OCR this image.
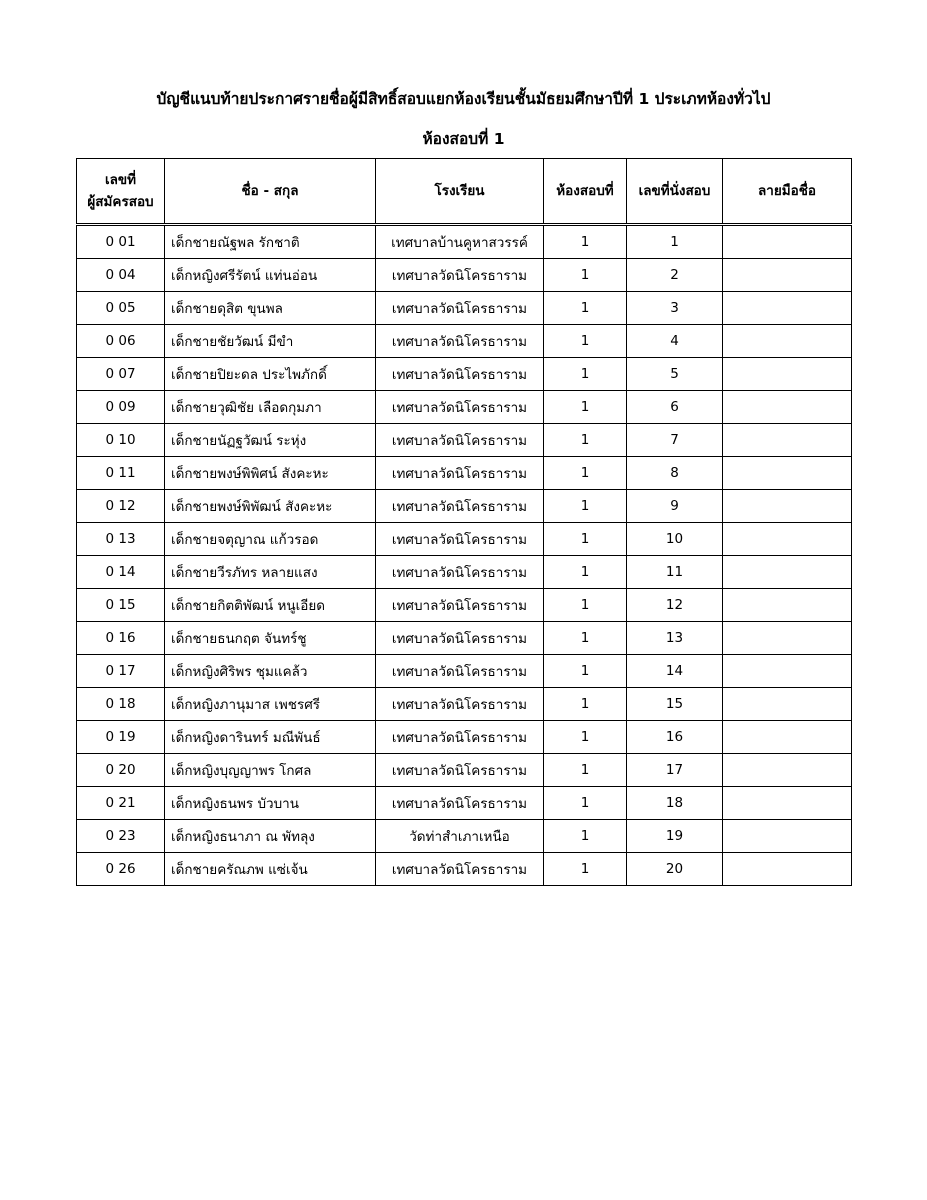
บัญชีแนบท้ายประกาศรายชื่อผู้มีสิทธิ์สอบแยกห้องเรียนชั้นมัธยมศึกษาปีที่ 1 ประเภทห้องทั่วไป
ห้องสอบที่ 1
เลขที่
ผู้สมัครสอบ	ชื่อ - สกุล	โรงเรียน	ห้องสอบที่	เลขที่นั่งสอบ	ลายมือชื่อ
0 01	เด็กชายณัฐพล รักชาติ	เทศบาลบ้านคูหาสวรรค์	1	1	
0 04	เด็กหญิงศรีรัตน์ แท่นอ่อน	เทศบาลวัดนิโครธาราม	1	2	
0 05	เด็กชายดุสิต ขุนพล	เทศบาลวัดนิโครธาราม	1	3	
0 06	เด็กชายชัยวัฒน์ มีขำ	เทศบาลวัดนิโครธาราม	1	4	
0 07	เด็กชายปิยะดล ประไพภักดิ์	เทศบาลวัดนิโครธาราม	1	5	
0 09	เด็กชายวุฒิชัย เลือดกุมภา	เทศบาลวัดนิโครธาราม	1	6	
0 10	เด็กชายนัฏฐวัฒน์ ระหุ่ง	เทศบาลวัดนิโครธาราม	1	7	
0 11	เด็กชายพงษ์พิพิศน์ สังคะหะ	เทศบาลวัดนิโครธาราม	1	8	
0 12	เด็กชายพงษ์พิพัฒน์ สังคะหะ	เทศบาลวัดนิโครธาราม	1	9	
0 13	เด็กชายจตุญาณ แก้วรอด	เทศบาลวัดนิโครธาราม	1	10	
0 14	เด็กชายวีรภัทร หลายแสง	เทศบาลวัดนิโครธาราม	1	11	
0 15	เด็กชายกิตติพัฒน์ หนูเอียด	เทศบาลวัดนิโครธาราม	1	12	
0 16	เด็กชายธนกฤต จันทร์ชู	เทศบาลวัดนิโครธาราม	1	13	
0 17	เด็กหญิงศิริพร ชุมแคล้ว	เทศบาลวัดนิโครธาราม	1	14	
0 18	เด็กหญิงภานุมาส เพชรศรี	เทศบาลวัดนิโครธาราม	1	15	
0 19	เด็กหญิงดารินทร์ มณีพันธ์	เทศบาลวัดนิโครธาราม	1	16	
0 20	เด็กหญิงบุญญาพร โกศล	เทศบาลวัดนิโครธาราม	1	17	
0 21	เด็กหญิงธนพร บัวบาน	เทศบาลวัดนิโครธาราม	1	18	
0 23	เด็กหญิงธนาภา ณ พัทลุง	วัดท่าสำเภาเหนือ	1	19	
0 26	เด็กชายครัณภพ แซ่เจ้น	เทศบาลวัดนิโครธาราม	1	20	
